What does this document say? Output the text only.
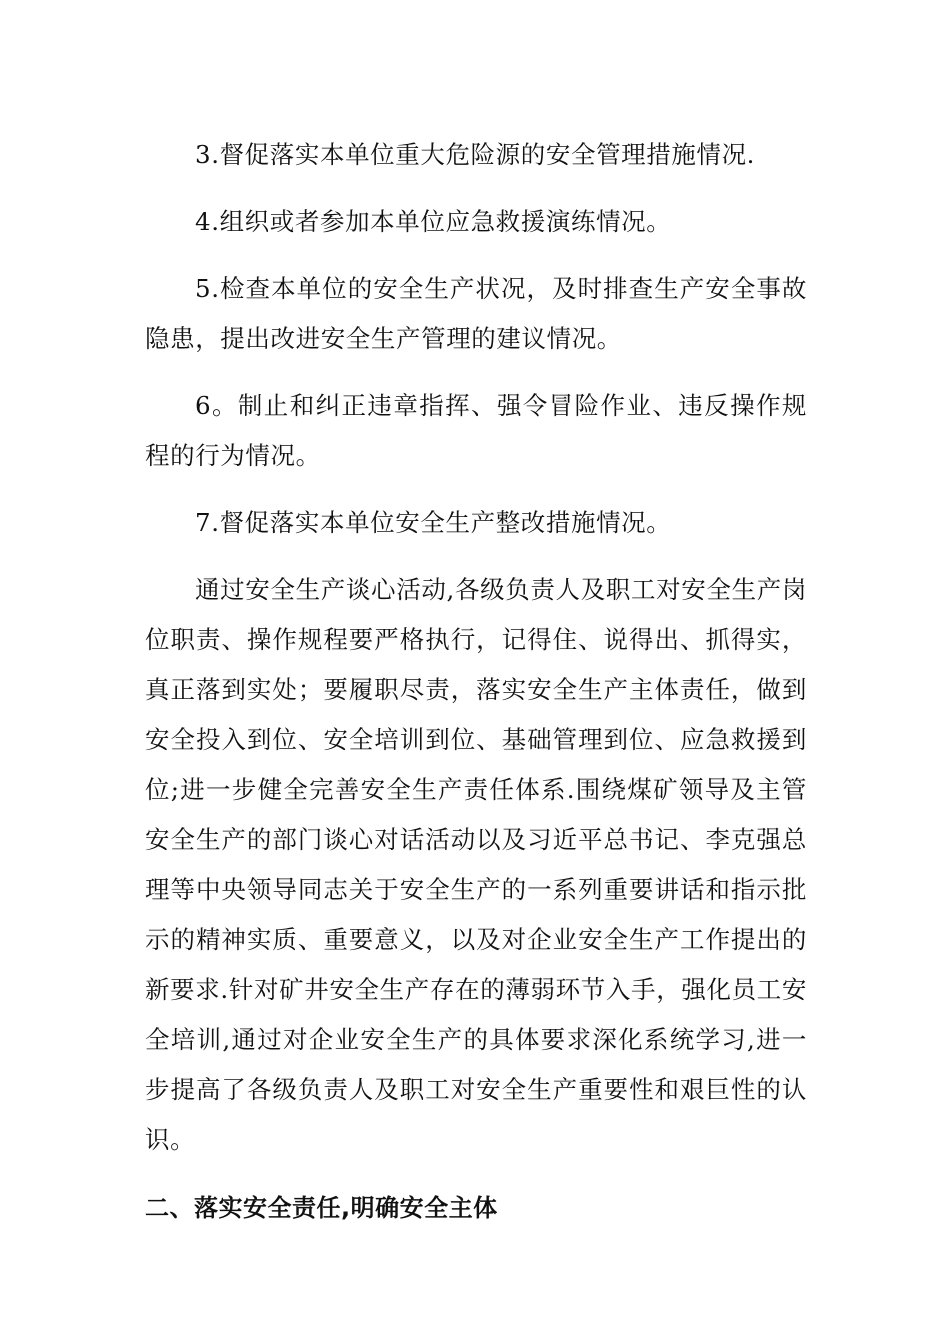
3.督促落实本单位重大危险源的安全管理措施情况.

4.组织或者参加本单位应急救援演练情况。

5.检查本单位的安全生产状况，及时排查生产安全事故隐患，提出改进安全生产管理的建议情况。

6。制止和纠正违章指挥、强令冒险作业、违反操作规程的行为情况。

7.督促落实本单位安全生产整改措施情况。

通过安全生产谈心活动,各级负责人及职工对安全生产岗位职责、操作规程要严格执行，记得住、说得出、抓得实，真正落到实处；要履职尽责，落实安全生产主体责任，做到安全投入到位、安全培训到位、基础管理到位、应急救援到位;进一步健全完善安全生产责任体系.围绕煤矿领导及主管安全生产的部门谈心对话活动以及习近平总书记、李克强总理等中央领导同志关于安全生产的一系列重要讲话和指示批示的精神实质、重要意义，以及对企业安全生产工作提出的新要求.针对矿井安全生产存在的薄弱环节入手，强化员工安全培训,通过对企业安全生产的具体要求深化系统学习,进一步提高了各级负责人及职工对安全生产重要性和艰巨性的认识。

二、落实安全责任,明确安全主体
